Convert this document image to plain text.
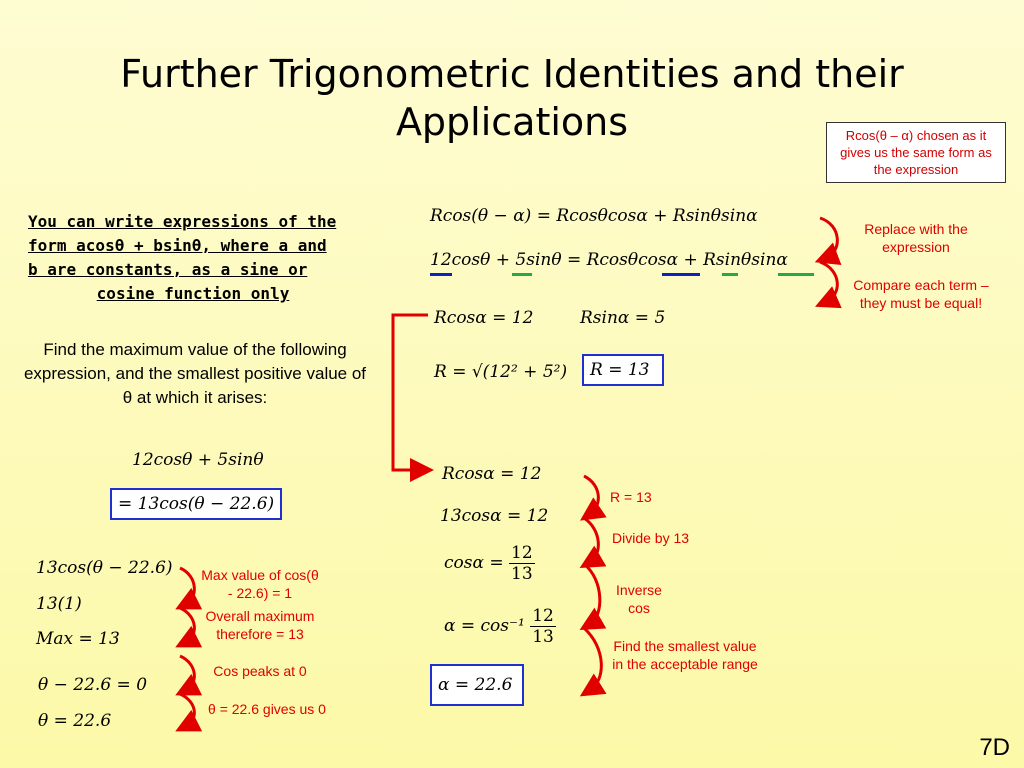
Further Trigonometric Identities and their
Applications	Rcos(θ – α) chosen as it gives us the same form as the expression
You can write expressions of the
form acosθ + bsinθ, where a and
b are constants, as a sine or
cosine function only
Find the maximum value of the following expression, and the smallest positive value of θ at which it arises:
12cosθ + 5sinθ
= 13cos(θ − 22.6)
13cos(θ − 22.6)
13(1)
Max = 13
Max value of cos(θ - 22.6) = 1
Overall maximum therefore = 13
θ − 22.6 = 0
θ = 22.6
Cos peaks at 0
θ = 22.6 gives us 0
Rcos(θ − α) = Rcosθcosα + Rsinθsinα
12cosθ + 5sinθ = Rcosθcosα + Rsinθsinα
Replace with the expression
Compare each term – they must be equal!
Rcosα = 12	Rsinα = 5
R = √(12² + 5²)	R = 13
Rcosα = 12
13cosα = 12
$\cos\alpha = \frac{12}{13}$
$\alpha = \cos^{-1} \frac{12}{13}$
α = 22.6
R = 13
Divide by 13
Inverse cos
Find the smallest value in the acceptable range
7D
